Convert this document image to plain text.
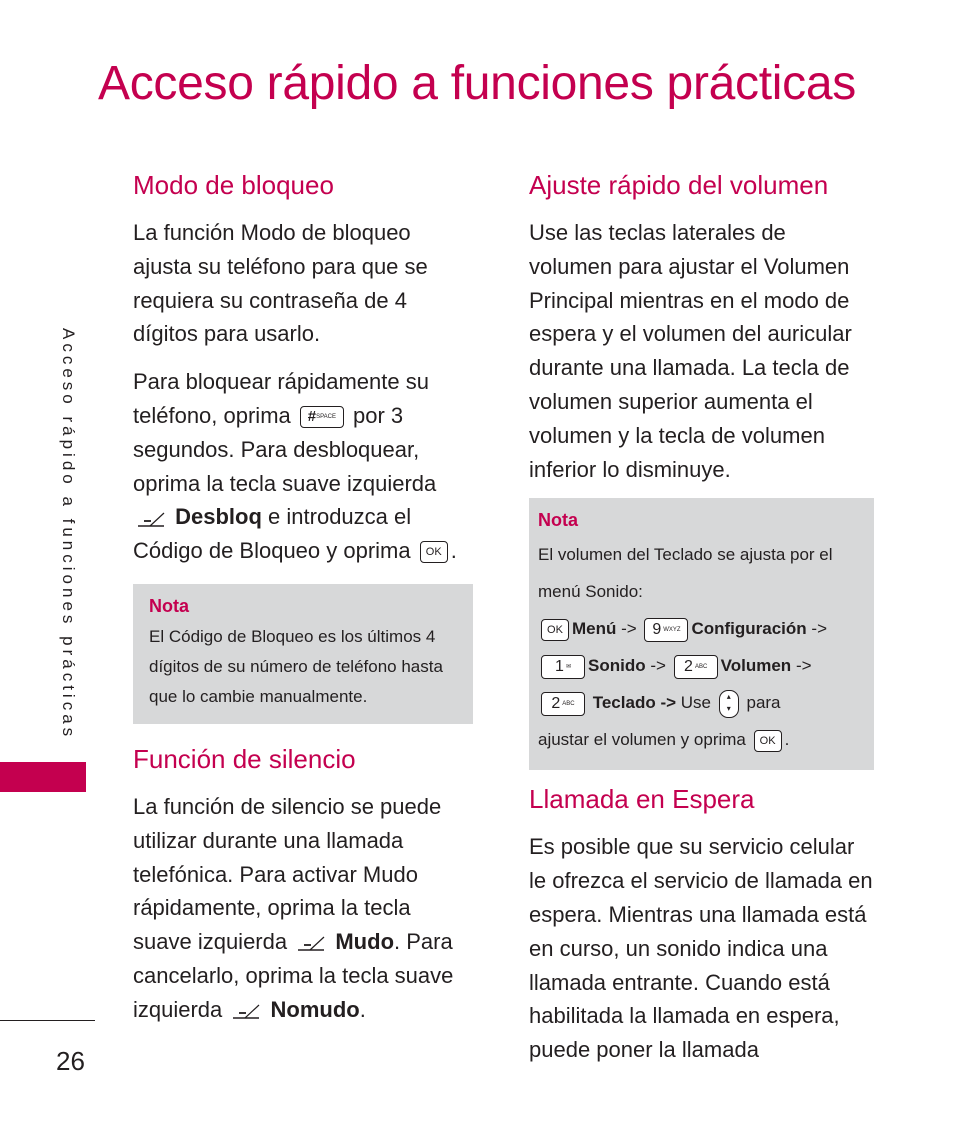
Acceso rápido a funciones prácticas
Acceso rápido a funciones prácticas
26
Modo de bloqueo

La función Modo de bloqueo ajusta su teléfono para que se requiera su contraseña de 4 dígitos para usarlo.

Para bloquear rápidamente su teléfono, oprima #$^{SPACE}$ por 3 segundos. Para desbloquear, oprima la tecla suave izquierda
Desbloq e introduzca el Código de Bloqueo y oprima OK .

Nota
El Código de Bloqueo es los últimos 4 dígitos de su número de teléfono hasta que lo cambie manualmente.
Función de silencio

La función de silencio se puede utilizar durante una llamada telefónica. Para activar Mudo rápidamente, oprima la tecla suave izquierda Mudo. Para cancelarlo, oprima la tecla suave izquierda Nomudo.

Ajuste rápido del volumen

Use las teclas laterales de volumen para ajustar el Volumen Principal mientras en el modo de espera y el volumen del auricular durante una llamada. La tecla de volumen superior aumenta el volumen y la tecla de volumen inferior lo disminuye.

Nota
El volumen del Teclado se ajusta por el menú Sonido:
OK Menú -> 9 $^{WXYZ}$ Configuración ->
1 ✉ Sonido -> 2 $^{ABC}$ Volumen ->
2 $^{ABC}$ Teclado -> Use ▴
▾ para
ajustar el volumen y oprima OK .
Llamada en Espera

Es posible que su servicio celular le ofrezca el servicio de llamada en espera. Mientras una llamada está en curso, un sonido indica una llamada entrante. Cuando está habilitada la llamada en espera, puede poner la llamada
